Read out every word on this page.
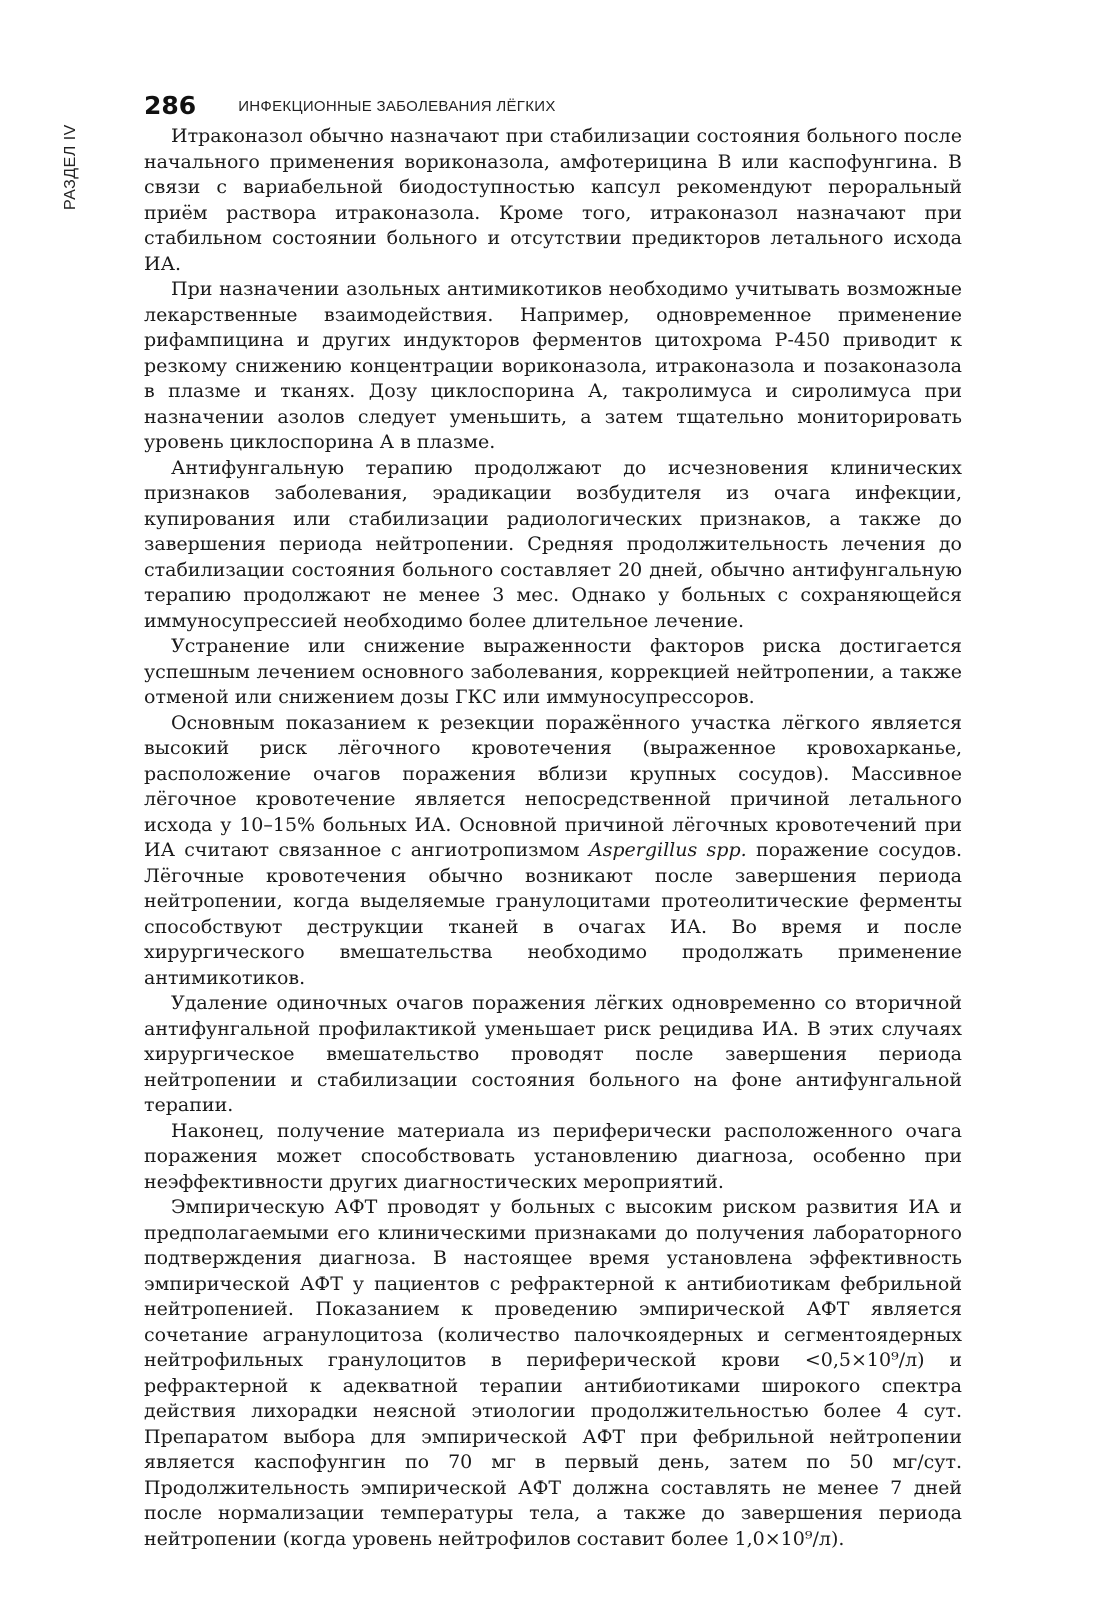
РАЗДЕЛ IV
286	ИНФЕКЦИОННЫЕ ЗАБОЛЕВАНИЯ ЛЁГКИХ

Итраконазол обычно назначают при стабилизации состояния больного после начального применения вориконазола, амфотерицина В или каспофунгина. В связи с вариабельной биодоступностью капсул рекомендуют пероральный приём раствора итраконазола. Кроме того, итраконазол назначают при стабильном состоянии больного и отсутствии предикторов летального исхода ИА.

При назначении азольных антимикотиков необходимо учитывать возможные лекарственные взаимодействия. Например, одновременное применение рифампицина и других индукторов ферментов цитохрома Р-450 приводит к резкому снижению концентрации вориконазола, итраконазола и позаконазола в плазме и тканях. Дозу циклоспорина А, такролимуса и сиролимуса при назначении азолов следует уменьшить, а затем тщательно мониторировать уровень циклоспорина А в плазме.

Антифунгальную терапию продолжают до исчезновения клинических признаков заболевания, эрадикации возбудителя из очага инфекции, купирования или стабилизации радиологических признаков, а также до завершения периода нейтропении. Средняя продолжительность лечения до стабилизации состояния больного составляет 20 дней, обычно антифунгальную терапию продолжают не менее 3 мес. Однако у больных с сохраняющейся иммуносупрессией необходимо более длительное лечение.

Устранение или снижение выраженности факторов риска достигается успешным лечением основного заболевания, коррекцией нейтропении, а также отменой или снижением дозы ГКС или иммуносупрессоров.

Основным показанием к резекции поражённого участка лёгкого является высокий риск лёгочного кровотечения (выраженное кровохарканье, расположение очагов поражения вблизи крупных сосудов). Массивное лёгочное кровотечение является непосредственной причиной летального исхода у 10–15% больных ИА. Основной причиной лёгочных кровотечений при ИА считают связанное с ангиотропизмом Aspergillus spp. поражение сосудов. Лёгочные кровотечения обычно возникают после завершения периода нейтропении, когда выделяемые гранулоцитами протеолитические ферменты способствуют деструкции тканей в очагах ИА. Во время и после хирургического вмешательства необходимо продолжать применение антимикотиков.

Удаление одиночных очагов поражения лёгких одновременно со вторичной антифунгальной профилактикой уменьшает риск рецидива ИА. В этих случаях хирургическое вмешательство проводят после завершения периода нейтропении и стабилизации состояния больного на фоне антифунгальной терапии.

Наконец, получение материала из периферически расположенного очага поражения может способствовать установлению диагноза, особенно при неэффективности других диагностических мероприятий.

Эмпирическую АФТ проводят у больных с высоким риском развития ИА и предполагаемыми его клиническими признаками до получения лабораторного подтверждения диагноза. В настоящее время установлена эффективность эмпирической АФТ у пациентов с рефрактерной к антибиотикам фебрильной нейтропенией. Показанием к проведению эмпирической АФТ является сочетание агранулоцитоза (количество палочкоядерных и сегментоядерных нейтрофильных гранулоцитов в периферической крови <0,5×10⁹/л) и рефрактерной к адекватной терапии антибиотиками широкого спектра действия лихорадки неясной этиологии продолжительностью более 4 сут. Препаратом выбора для эмпирической АФТ при фебрильной нейтропении является каспофунгин по 70 мг в первый день, затем по 50 мг/сут. Продолжительность эмпирической АФТ должна составлять не менее 7 дней после нормализации температуры тела, а также до завершения периода нейтропении (когда уровень нейтрофилов составит более 1,0×10⁹/л).
